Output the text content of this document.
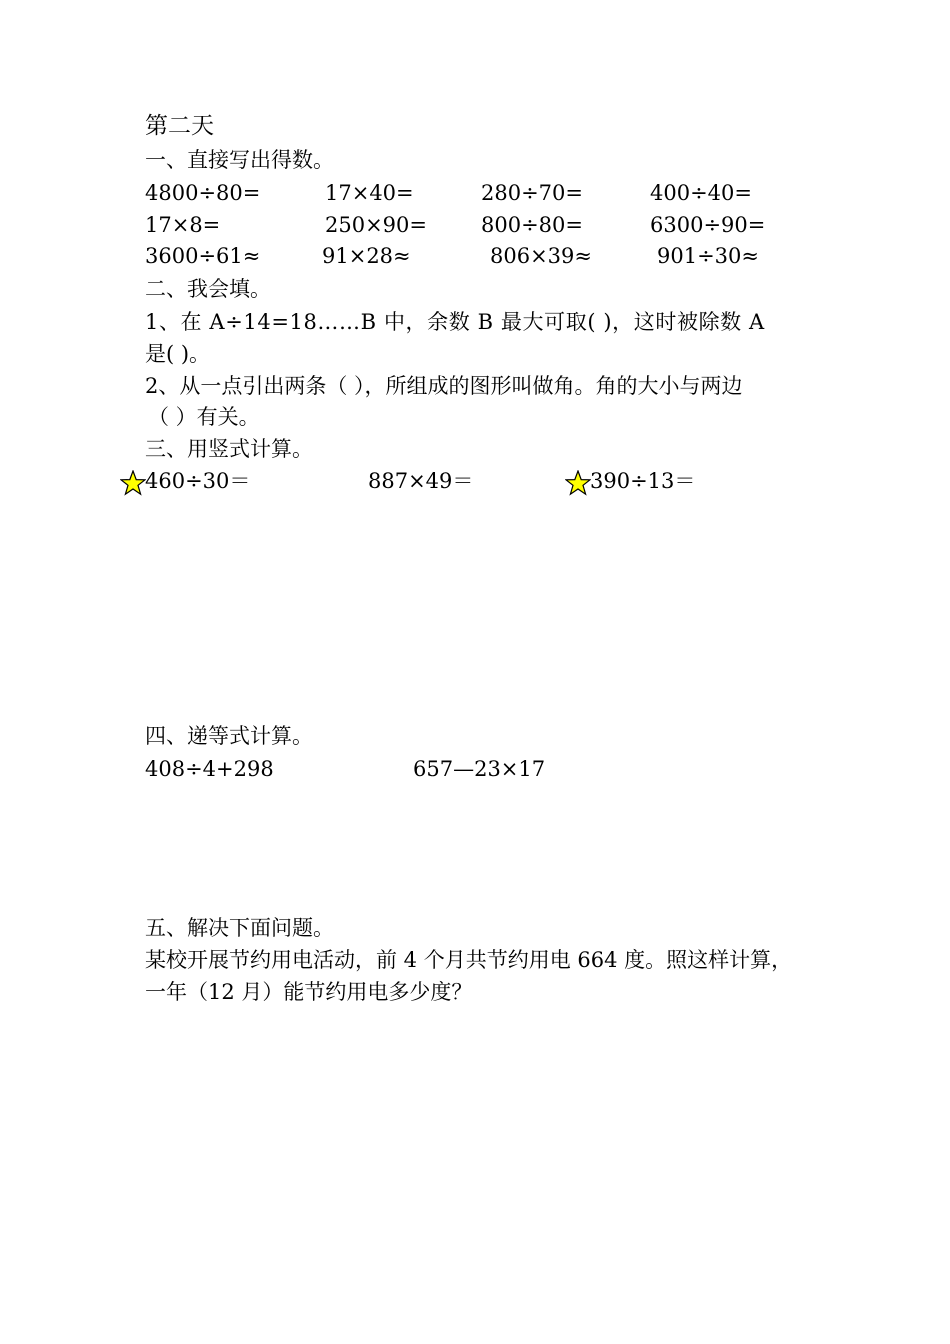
第二天
一、直接写出得数。
4800÷80=	17×40=	280÷70=	400÷40=
17×8=	250×90=	800÷80=	6300÷90=
3600÷61≈	91×28≈	806×39≈	901÷30≈
二、我会填。
1、在 A÷14=18……B 中，余数 B 最大可取( )，这时被除数 A
是( )。
2、从一点引出两条（ ），所组成的图形叫做角。角的大小与两边
（ ）有关。
三、用竖式计算。
460÷30＝	887×49＝	390÷13＝
四、递等式计算。
408÷4+298	657—23×17
五、解决下面问题。
某校开展节约用电活动，前 4 个月共节约用电 664 度。照这样计算，
一年（12 月）能节约用电多少度？
